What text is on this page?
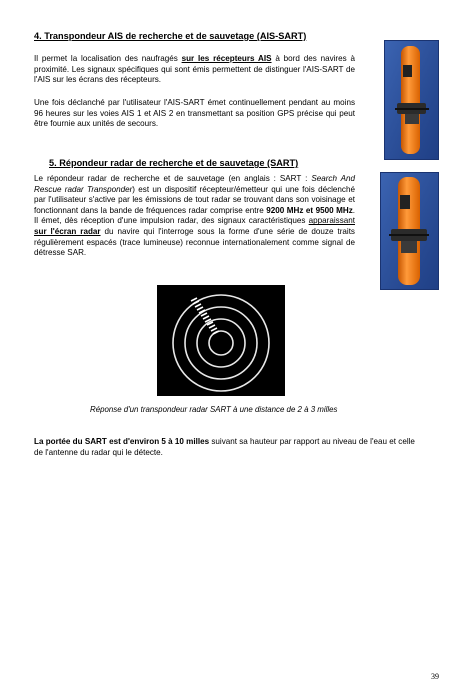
4. Transpondeur AIS de recherche et de sauvetage (AIS-SART)
Il permet la localisation des naufragés sur les récepteurs AIS à bord des navires à proximité. Les signaux spécifiques qui sont émis permettent de distinguer l'AIS-SART de l'AIS sur les écrans des récepteurs.
Une fois déclanché par l'utilisateur l'AIS-SART émet continuellement pendant au moins 96 heures sur les voies AIS 1 et AIS 2 en transmettant sa position GPS précise qui peut être fournie aux unités de secours.
5. Répondeur radar de recherche et de sauvetage (SART)
Le répondeur radar de recherche et de sauvetage (en anglais : SART : Search And Rescue radar Transponder) est un dispositif récepteur/émetteur qui une fois déclenché par l'utilisateur s'active par les émissions de tout radar se trouvant dans son voisinage et fonctionnant dans la bande de fréquences radar comprise entre 9200 MHz et 9500 MHz. Il émet, dès réception d'une impulsion radar, des signaux caractéristiques apparaissant sur l'écran radar du navire qui l'interroge sous la forme d'une série de douze traits régulièrement espacés (trace lumineuse) reconnue internationalement comme signal de détresse SAR.
Réponse d'un transpondeur radar SART à une distance de 2 à 3 milles
La portée du SART est d'environ 5 à 10 milles suivant sa hauteur par rapport au niveau de l'eau et celle de l'antenne du radar qui le détecte.
39
